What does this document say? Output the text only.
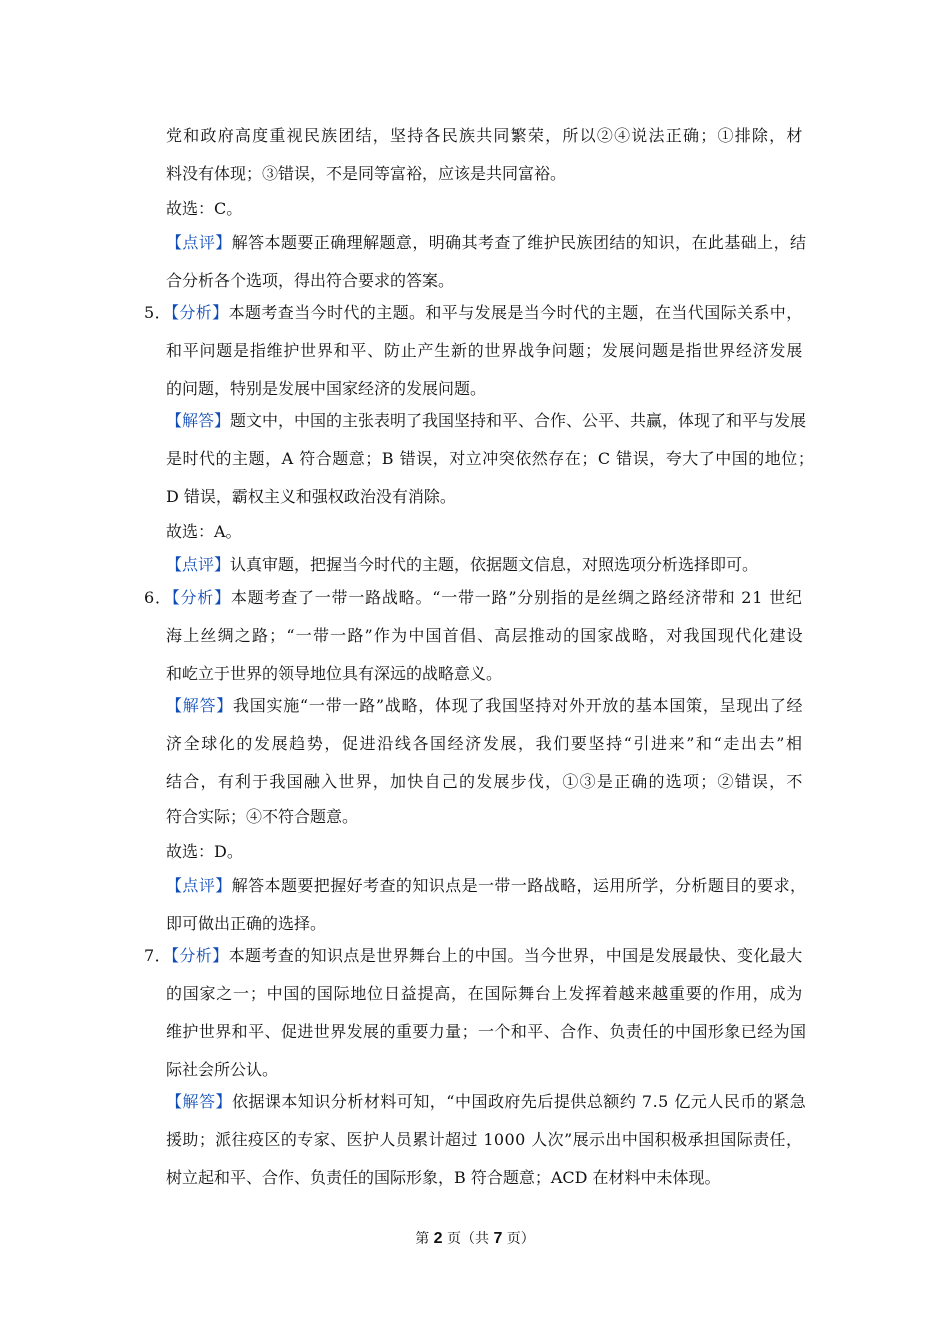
党和政府高度重视民族团结，坚持各民族共同繁荣，所以②④说法正确；①排除，材
料没有体现；③错误，不是同等富裕，应该是共同富裕。
故选：C。
【点评】解答本题要正确理解题意，明确其考查了维护民族团结的知识，在此基础上，结
合分析各个选项，得出符合要求的答案。
5．【分析】本题考查当今时代的主题。和平与发展是当今时代的主题，在当代国际关系中，
和平问题是指维护世界和平、防止产生新的世界战争问题；发展问题是指世界经济发展
的问题，特别是发展中国家经济的发展问题。
【解答】题文中，中国的主张表明了我国坚持和平、合作、公平、共赢，体现了和平与发展
是时代的主题，A 符合题意；B 错误，对立冲突依然存在；C 错误，夸大了中国的地位；
D 错误，霸权主义和强权政治没有消除。
故选：A。
【点评】认真审题，把握当今时代的主题，依据题文信息，对照选项分析选择即可。
6．【分析】本题考查了一带一路战略。“一带一路”分别指的是丝绸之路经济带和 21 世纪
海上丝绸之路；“一带一路”作为中国首倡、高层推动的国家战略，对我国现代化建设
和屹立于世界的领导地位具有深远的战略意义。
【解答】我国实施“一带一路”战略，体现了我国坚持对外开放的基本国策，呈现出了经
济全球化的发展趋势，促进沿线各国经济发展，我们要坚持“引进来”和“走出去”相
结合，有利于我国融入世界，加快自己的发展步伐，①③是正确的选项；②错误，不
符合实际；④不符合题意。
故选：D。
【点评】解答本题要把握好考查的知识点是一带一路战略，运用所学，分析题目的要求，
即可做出正确的选择。
7．【分析】本题考查的知识点是世界舞台上的中国。当今世界，中国是发展最快、变化最大
的国家之一；中国的国际地位日益提高，在国际舞台上发挥着越来越重要的作用，成为
维护世界和平、促进世界发展的重要力量；一个和平、合作、负责任的中国形象已经为国
际社会所公认。
【解答】依据课本知识分析材料可知，“中国政府先后提供总额约 7.5 亿元人民币的紧急
援助；派往疫区的专家、医护人员累计超过 1000 人次”展示出中国积极承担国际责任，
树立起和平、合作、负责任的国际形象，B 符合题意；ACD 在材料中未体现。
第 2 页（共 7 页）
